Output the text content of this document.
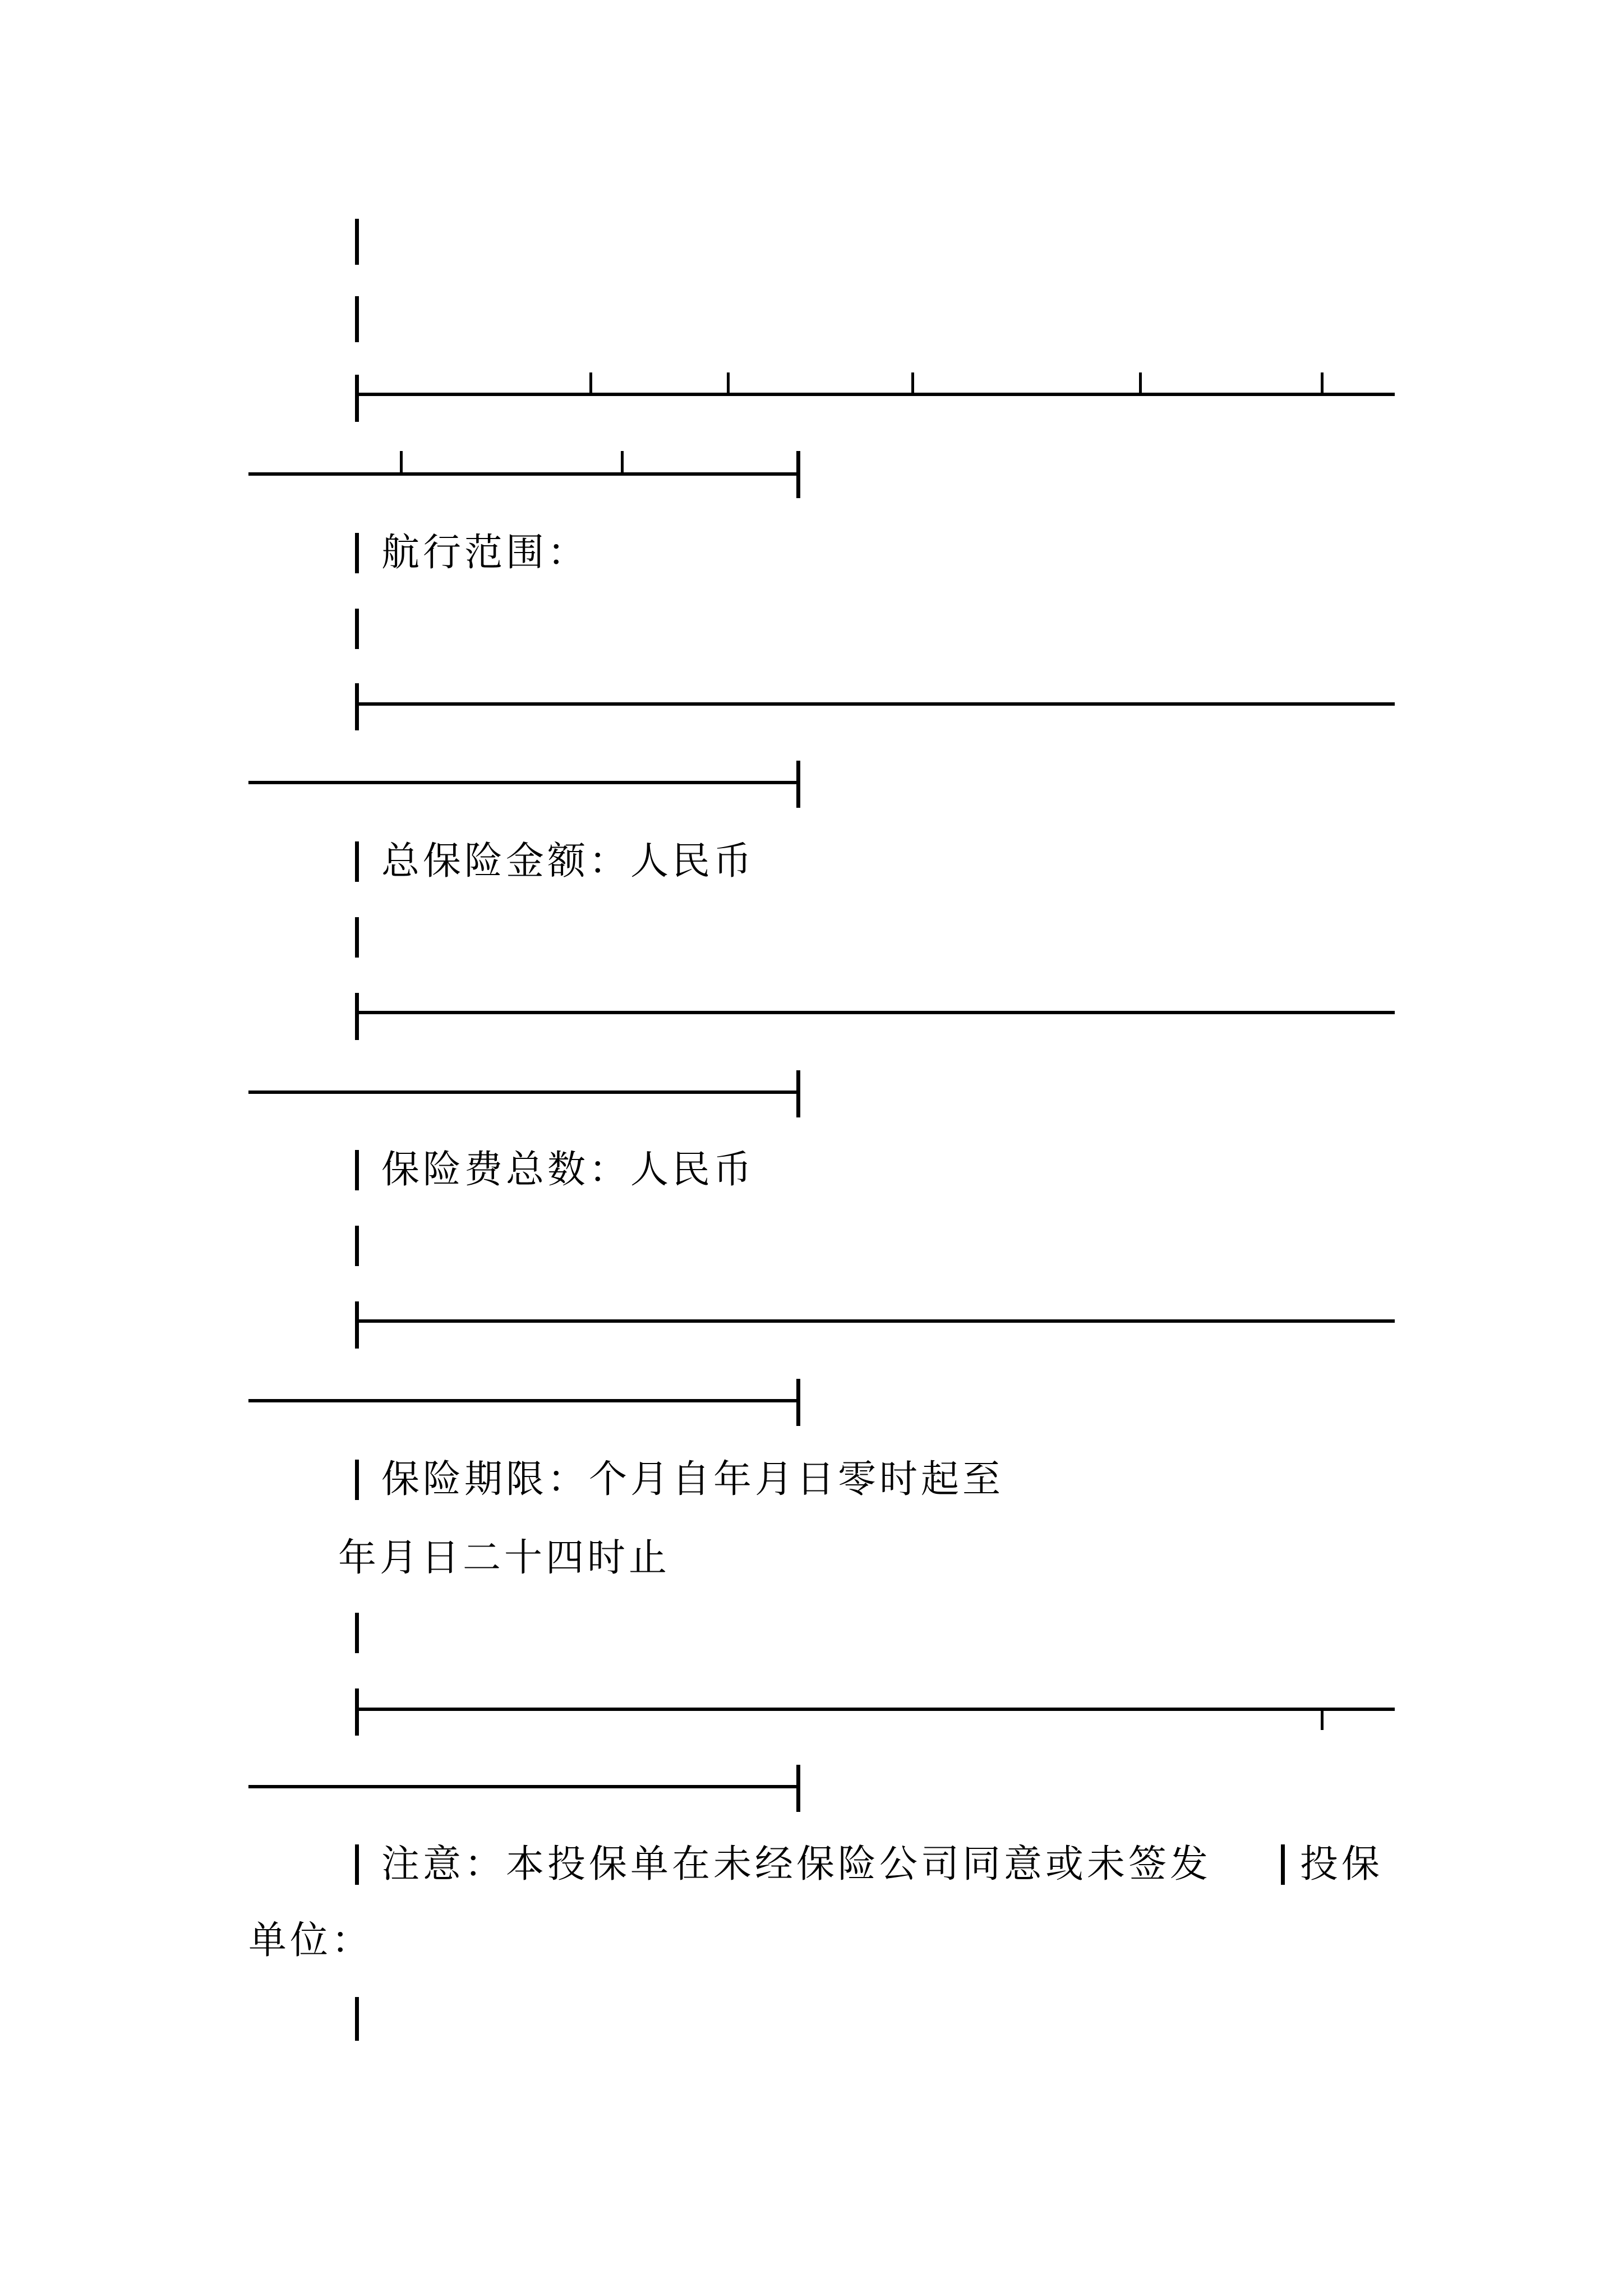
航行范围：
总保险金额：人民币
保险费总数：人民币
保险期限：个月自年月日零时起至
年月日二十四时止
注意：本投保单在未经保险公司同意或未签发 投保
单位：
